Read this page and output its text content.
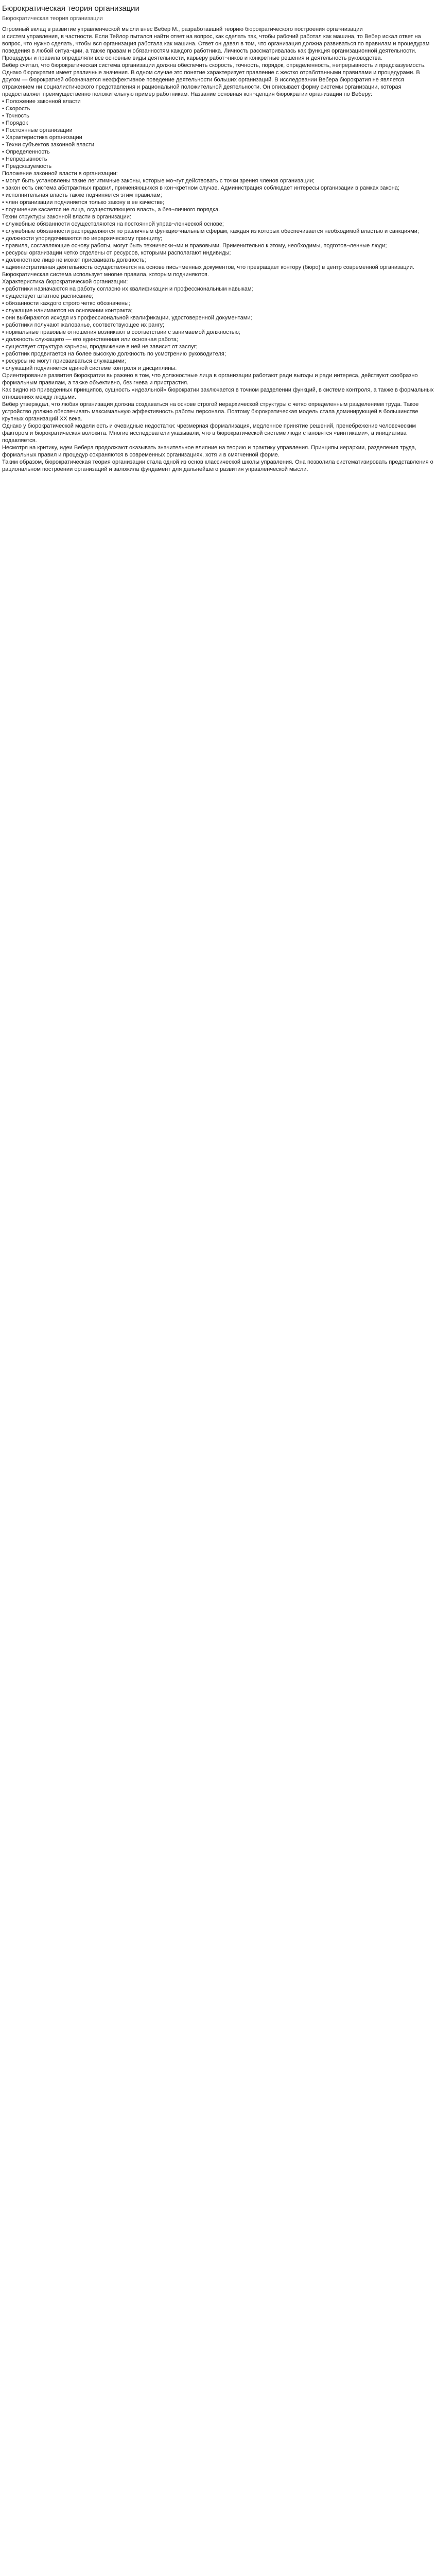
Бюрократическая теория организации
Бюрократическая теория организации

Огромный вклад в развитие управленческой мысли внес Вебер М., разработавший теорию бюрократического построения орга¬низации

и систем управления, в частности. Если Тейлор пытался найти ответ на вопрос, как сделать так, чтобы рабочий работал как машина, то Вебер искал ответ на вопрос, что нужно сделать, чтобы вся организация работала как машина. Ответ он давал в том, что организация должна развиваться по правилам и процедурам поведения в любой ситуа¬ции, а также правам и обязанностям каждого работника. Личность рассматривалась как функция организационной деятельности. Процедуры и правила определяли все основные виды деятельности, карьеру работ¬ников и конкретные решения и деятельность руководства.

Вебер считал, что бюрократическая система организации должна обеспечить скорость, точность, порядок, определенность, непрерывность и предсказуемость. Однако бюрократия имеет различные значения. В одном случае это понятие характеризует правление с жестко отработанными правилами и процедурами. В другом — бюрократией обозначается неэффективное поведение деятельности больших организаций. В исследовании Вебера бюрократия не является отражением ни социалистического представления и рациональной положительной деятельности. Он описывает форму системы организации, которая предоставляет преимущественно положительную пример работникам. Название основная кон¬цепция бюрократии организации по Веберу:

• Положение законной власти

• Скорость

• Точность

• Порядок

• Постоянные организации

• Характеристика организации

• Техни субъектов законной власти

• Определенность

• Непрерывность

• Предсказуемость

Положение законной власти в организации:

• могут быть установлены такие легитимные законы, которые мо¬гут действовать с точки зрения членов организации;

• закон есть система абстрактных правил, применяющихся в кон¬кретном случае. Администрация соблюдает интересы организации в рамках закона;

• исполнительная власть также подчиняется этим правилам;

• член организации подчиняется только закону в ее качестве;

• подчинение касается не лица, осуществляющего власть, а без¬личного порядка.

Техни структуры законной власти в организации:

• служебные обязанности осуществляются на постоянной управ¬ленческой основе;

• служебные обязанности распределяются по различным функцио¬нальным сферам, каждая из которых обеспечивается необходимой властью и санкциями;

• должности упорядочиваются по иерархическому принципу;

• правила, составляющие основу работы, могут быть технически¬ми и правовыми. Применительно к этому, необходимы, подготов¬ленные люди;

• ресурсы организации четко отделены от ресурсов, которыми располагают индивиды;

• должностное лицо не может присваивать должность;

• административная деятельность осуществляется на основе пись¬менных документов, что превращает контору (бюро) в центр современной организации.

Бюрократическая система использует многие правила, которым подчиняются.

Характеристика бюрократической организации:

• работники назначаются на работу согласно их квалификации и профессиональным навыкам;

• существует штатное расписание;

• обязанности каждого строго четко обозначены;

• служащие нанимаются на основании контракта;

• они выбираются исходя из профессиональной квалификации, удостоверенной документами;

• работники получают жалованье, соответствующее их рангу;

• нормальные правовые отношения возникают в соответствии с занимаемой должностью;

• должность служащего — его единственная или основная работа;

• существует структура карьеры, продвижение в ней не зависит от заслуг;

• работник продвигается на более высокую должность по усмотрению руководителя;

• ресурсы не могут присваиваться служащими;

• служащий подчиняется единой системе контроля и дисциплины.

Ориентирование развития бюрократии выражено в том, что должностные лица в организации работают ради выгоды и ради интереса, действуют сообразно формальным правилам, а также объективно, без гнева и пристрастия.

Как видно из приведенных принципов, сущность «идеальной» бюрократии заключается в точном разделении функций, в системе контроля, а также в формальных отношениях между людьми.

Вебер утверждал, что любая организация должна создаваться на основе строгой иерархической структуры с четко определенным разделением труда. Такое устройство должно обеспечивать максимальную эффективность работы персонала. Поэтому бюрократическая модель стала доминирующей в большинстве крупных организаций XX века.

Однако у бюрократической модели есть и очевидные недостатки: чрезмерная формализация, медленное принятие решений, пренебрежение человеческим фактором и бюрократическая волокита. Многие исследователи указывали, что в бюрократической системе люди становятся «винтиками», а инициатива подавляется.

Несмотря на критику, идеи Вебера продолжают оказывать значительное влияние на теорию и практику управления. Принципы иерархии, разделения труда, формальных правил и процедур сохраняются в современных организациях, хотя и в смягченной форме.

Таким образом, бюрократическая теория организации стала одной из основ классической школы управления. Она позволила систематизировать представления о рациональном построении организаций и заложила фундамент для дальнейшего развития управленческой мысли.
